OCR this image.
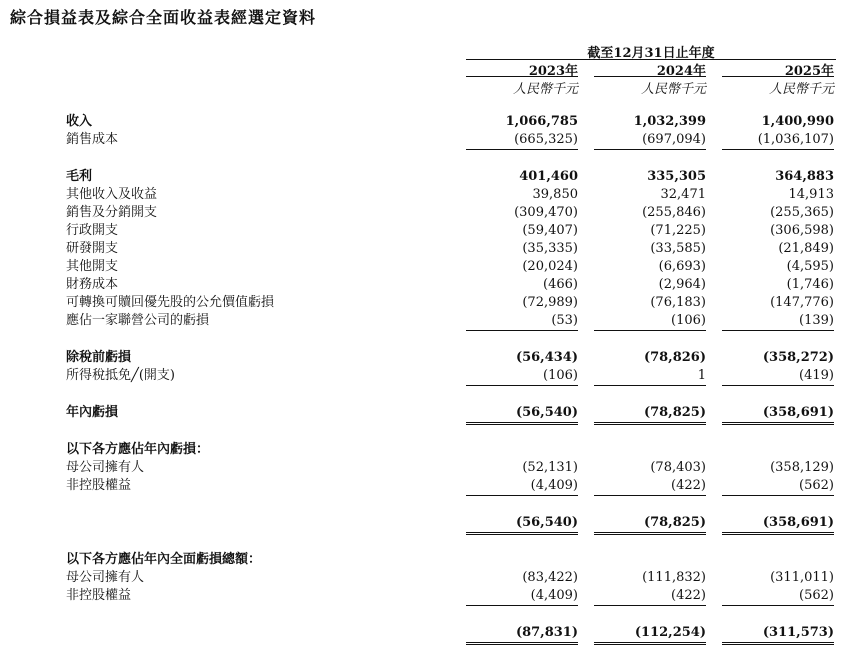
綜合損益表及綜合全面收益表經選定資料
截至12月31日止年度
2023年	2024年	2025年
人民幣千元	人民幣千元	人民幣千元
收入	1,066,785	1,032,399	1,400,990
銷售成本	(665,325)	(697,094)	(1,036,107)
毛利	401,460	335,305	364,883
其他收入及收益	39,850	32,471	14,913
銷售及分銷開支	(309,470)	(255,846)	(255,365)
行政開支	(59,407)	(71,225)	(306,598)
研發開支	(35,335)	(33,585)	(21,849)
其他開支	(20,024)	(6,693)	(4,595)
財務成本	(466)	(2,964)	(1,746)
可轉換可贖回優先股的公允價值虧損	(72,989)	(76,183)	(147,776)
應佔一家聯營公司的虧損	(53)	(106)	(139)
除稅前虧損	(56,434)	(78,826)	(358,272)
所得稅抵免╱(開支)	(106)	1	(419)
年內虧損	(56,540)	(78,825)	(358,691)
以下各方應佔年內虧損：
母公司擁有人	(52,131)	(78,403)	(358,129)
非控股權益	(4,409)	(422)	(562)
(56,540)	(78,825)	(358,691)
以下各方應佔年內全面虧損總額：
母公司擁有人	(83,422)	(111,832)	(311,011)
非控股權益	(4,409)	(422)	(562)
(87,831)	(112,254)	(311,573)
